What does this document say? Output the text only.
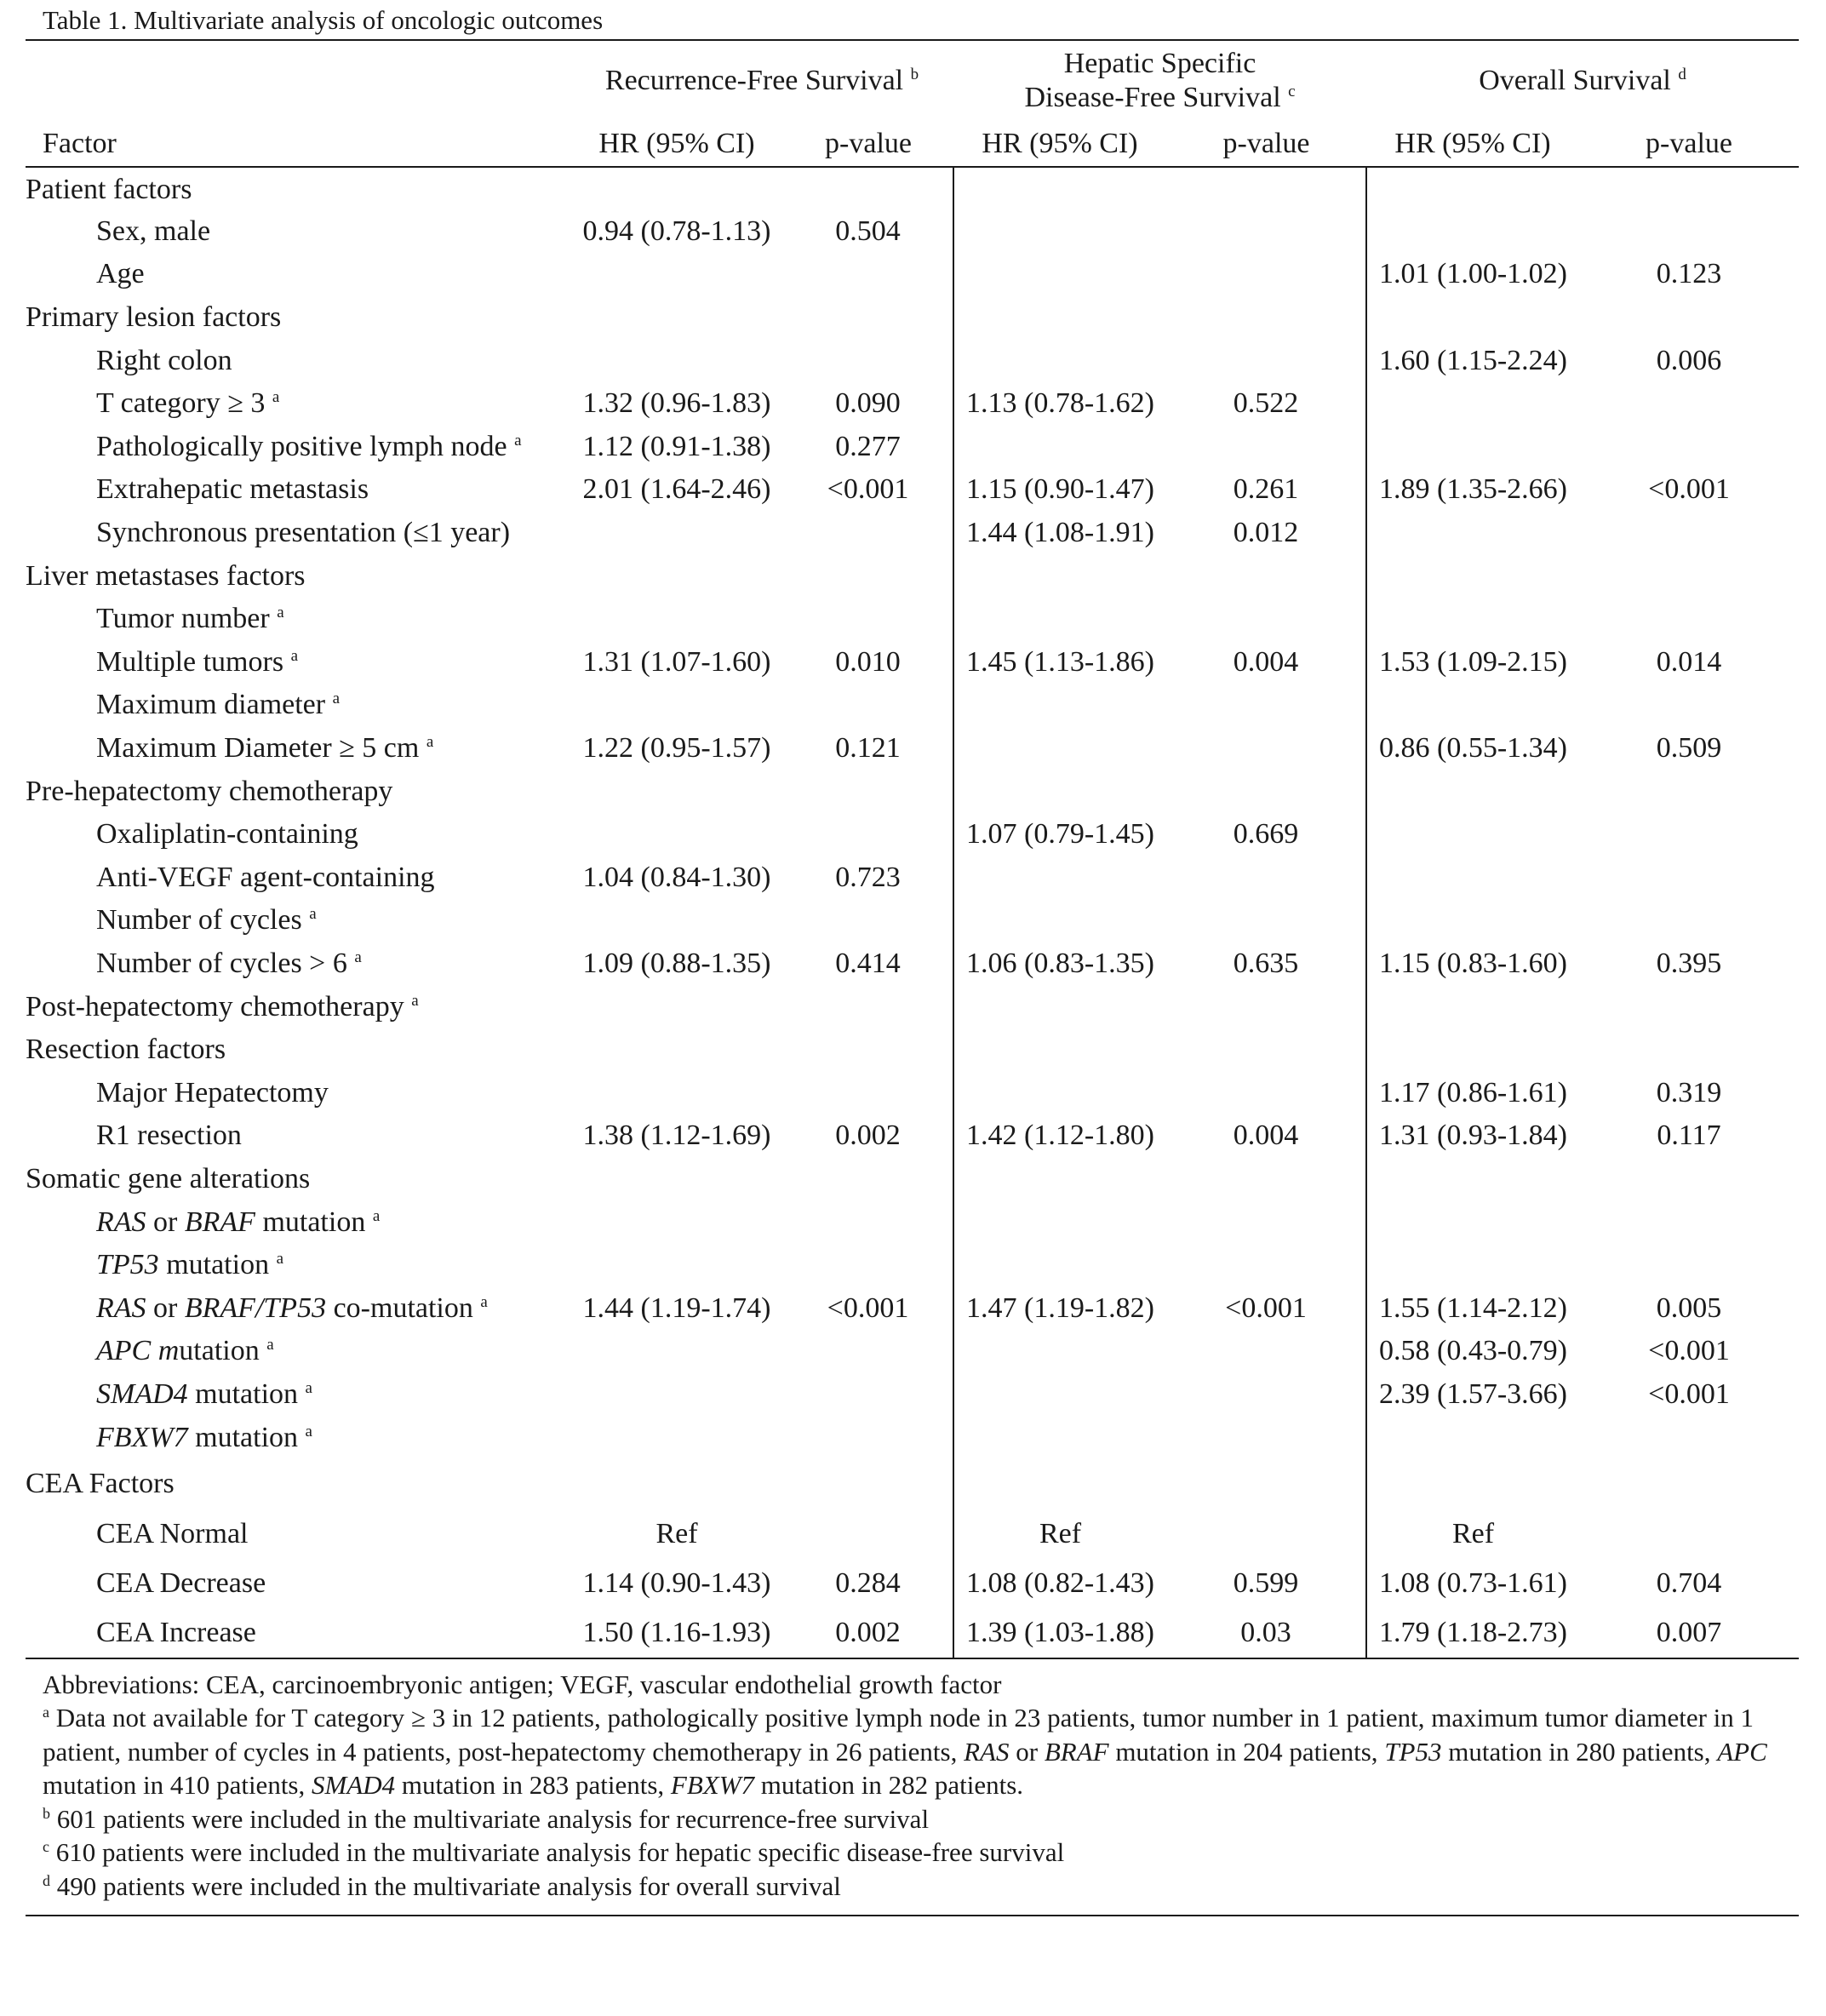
Table 1. Multivariate analysis of oncologic outcomes
	Recurrence-Free Survival $^b$		Hepatic Specific
Disease-Free Survival $^c$		Overall Survival $^d$
Factor	HR (95% CI)	p-value	HR (95% CI)	p-value	HR (95% CI)	p-value
Patient factors						
Sex, male	0.94 (0.78-1.13)	0.504				
Age					1.01 (1.00-1.02)	0.123
Primary lesion factors						
Right colon					1.60 (1.15-2.24)	0.006
T category ≥ 3 $^a$	1.32 (0.96-1.83)	0.090	1.13 (0.78-1.62)	0.522		
Pathologically positive lymph node $^a$	1.12 (0.91-1.38)	0.277				
Extrahepatic metastasis	2.01 (1.64-2.46)	<0.001	1.15 (0.90-1.47)	0.261	1.89 (1.35-2.66)	<0.001
Synchronous presentation (≤1 year)			1.44 (1.08-1.91)	0.012		
Liver metastases factors						
Tumor number $^a$						
Multiple tumors $^a$	1.31 (1.07-1.60)	0.010	1.45 (1.13-1.86)	0.004	1.53 (1.09-2.15)	0.014
Maximum diameter $^a$						
Maximum Diameter ≥ 5 cm $^a$	1.22 (0.95-1.57)	0.121			0.86 (0.55-1.34)	0.509
Pre-hepatectomy chemotherapy						
Oxaliplatin-containing			1.07 (0.79-1.45)	0.669		
Anti-VEGF agent-containing	1.04 (0.84-1.30)	0.723				
Number of cycles $^a$						
Number of cycles > 6 $^a$	1.09 (0.88-1.35)	0.414	1.06 (0.83-1.35)	0.635	1.15 (0.83-1.60)	0.395
Post-hepatectomy chemotherapy $^a$						
Resection factors						
Major Hepatectomy					1.17 (0.86-1.61)	0.319
R1 resection	1.38 (1.12-1.69)	0.002	1.42 (1.12-1.80)	0.004	1.31 (0.93-1.84)	0.117
Somatic gene alterations						
RAS or BRAF mutation $^a$						
TP53 mutation $^a$						
RAS or BRAF/TP53 co-mutation $^a$	1.44 (1.19-1.74)	<0.001	1.47 (1.19-1.82)	<0.001	1.55 (1.14-2.12)	0.005
APC mutation $^a$					0.58 (0.43-0.79)	<0.001
SMAD4 mutation $^a$					2.39 (1.57-3.66)	<0.001
FBXW7 mutation $^a$						
CEA Factors						
CEA Normal	Ref		Ref		Ref	
CEA Decrease	1.14 (0.90-1.43)	0.284	1.08 (0.82-1.43)	0.599	1.08 (0.73-1.61)	0.704
CEA Increase	1.50 (1.16-1.93)	0.002	1.39 (1.03-1.88)	0.03	1.79 (1.18-2.73)	0.007
Abbreviations: CEA, carcinoembryonic antigen; VEGF, vascular endothelial growth factor
$^a$ Data not available for T category ≥ 3 in 12 patients, pathologically positive lymph node in 23 patients, tumor number in 1 patient, maximum tumor diameter in 1 patient, number of cycles in 4 patients, post-hepatectomy chemotherapy in 26 patients, RAS or BRAF mutation in 204 patients, TP53 mutation in 280 patients, APC mutation in 410 patients, SMAD4 mutation in 283 patients, FBXW7 mutation in 282 patients.
$^b$ 601 patients were included in the multivariate analysis for recurrence-free survival
$^c$ 610 patients were included in the multivariate analysis for hepatic specific disease-free survival
$^d$ 490 patients were included in the multivariate analysis for overall survival
